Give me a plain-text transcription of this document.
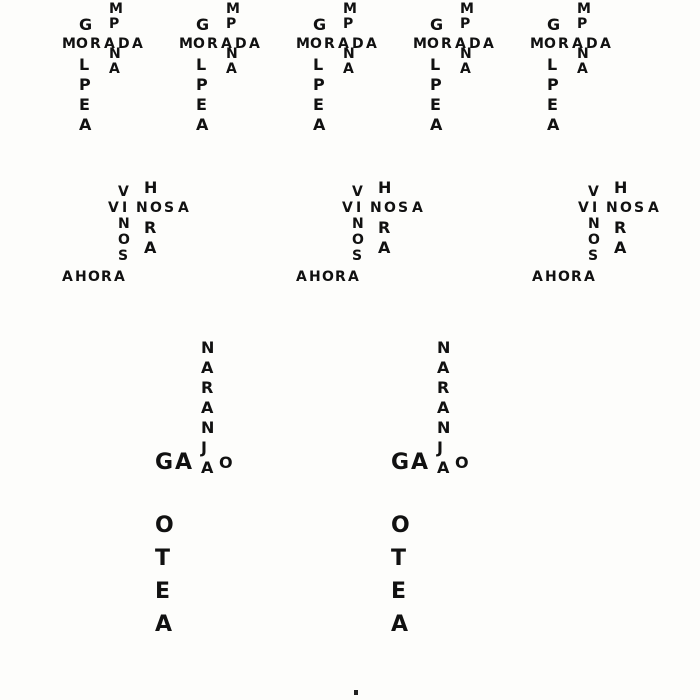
M O R A D A
G
L
P
E
A
M
P
N
A
M O R A D A
G
L
P
E
A
M
P
N
A
M O R A D A
G
L
P
E
A
M
P
N
A
M O R A D A
G
L
P
E
A
M
P
N
A
M O R A D A
G
L
P
E
A
M
P
N
A
V I N O S A
V
N
O
S
H
R
A
A H O R A
V I N O S A
V
N
O
S
H
R
A
A H O R A
V I N O S A
V
N
O
S
H
R
A
A H O R A
N
A
R
A
N
J
A
G A O
O
T
E
A
N
A
R
A
N
J
A
G A O
O
T
E
A
